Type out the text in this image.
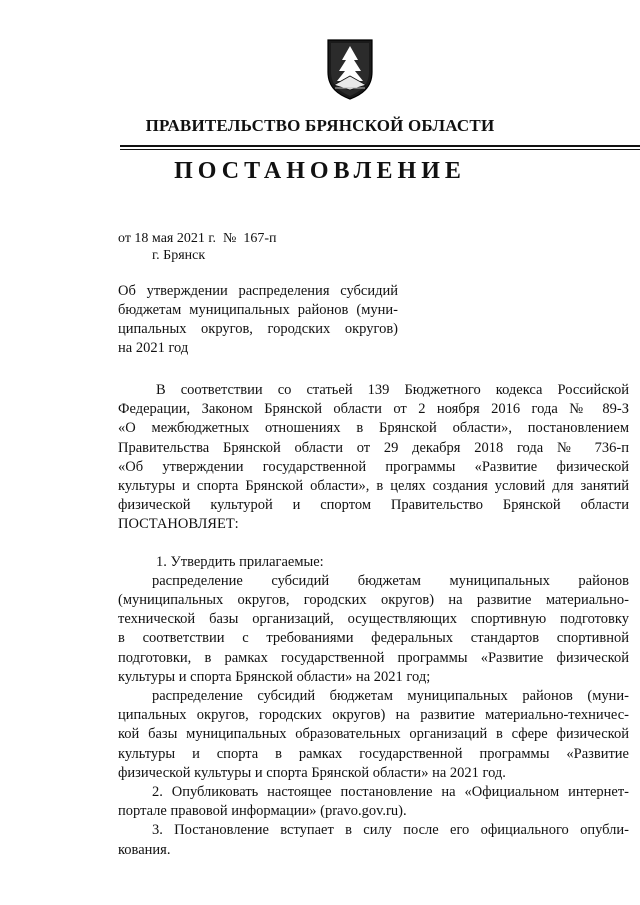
ПРАВИТЕЛЬСТВО БРЯНСКОЙ ОБЛАСТИ
ПОСТАНОВЛЕНИЕ
от 18 мая 2021 г.  №  167-п
г. Брянск
Об утверждении распределения субсидий
бюджетам муниципальных районов (муни-
ципальных округов, городских округов)
на 2021 год
В соответствии со статьей 139 Бюджетного кодекса Российской
Федерации, Законом Брянской области от 2 ноября 2016 года № 89-З
«О межбюджетных отношениях в Брянской области», постановлением
Правительства Брянской области от 29 декабря 2018 года № 736-п
«Об утверждении государственной программы «Развитие физической
культуры и спорта Брянской области», в целях создания условий для занятий
физической культурой и спортом Правительство Брянской области
ПОСТАНОВЛЯЕТ:
1. Утвердить прилагаемые:
распределение субсидий бюджетам муниципальных районов
(муниципальных округов, городских округов) на развитие материально-
технической базы организаций, осуществляющих спортивную подготовку
в соответствии с требованиями федеральных стандартов спортивной
подготовки, в рамках государственной программы «Развитие физической
культуры и спорта Брянской области» на 2021 год;
распределение субсидий бюджетам муниципальных районов (муни-
ципальных округов, городских округов) на развитие материально-техничес-
кой базы муниципальных образовательных организаций в сфере физической
культуры и спорта в рамках государственной программы «Развитие
физической культуры и спорта Брянской области» на 2021 год.
2. Опубликовать настоящее постановление на «Официальном интернет-
портале правовой информации» (pravo.gov.ru).
3. Постановление вступает в силу после его официального опубли-
кования.
